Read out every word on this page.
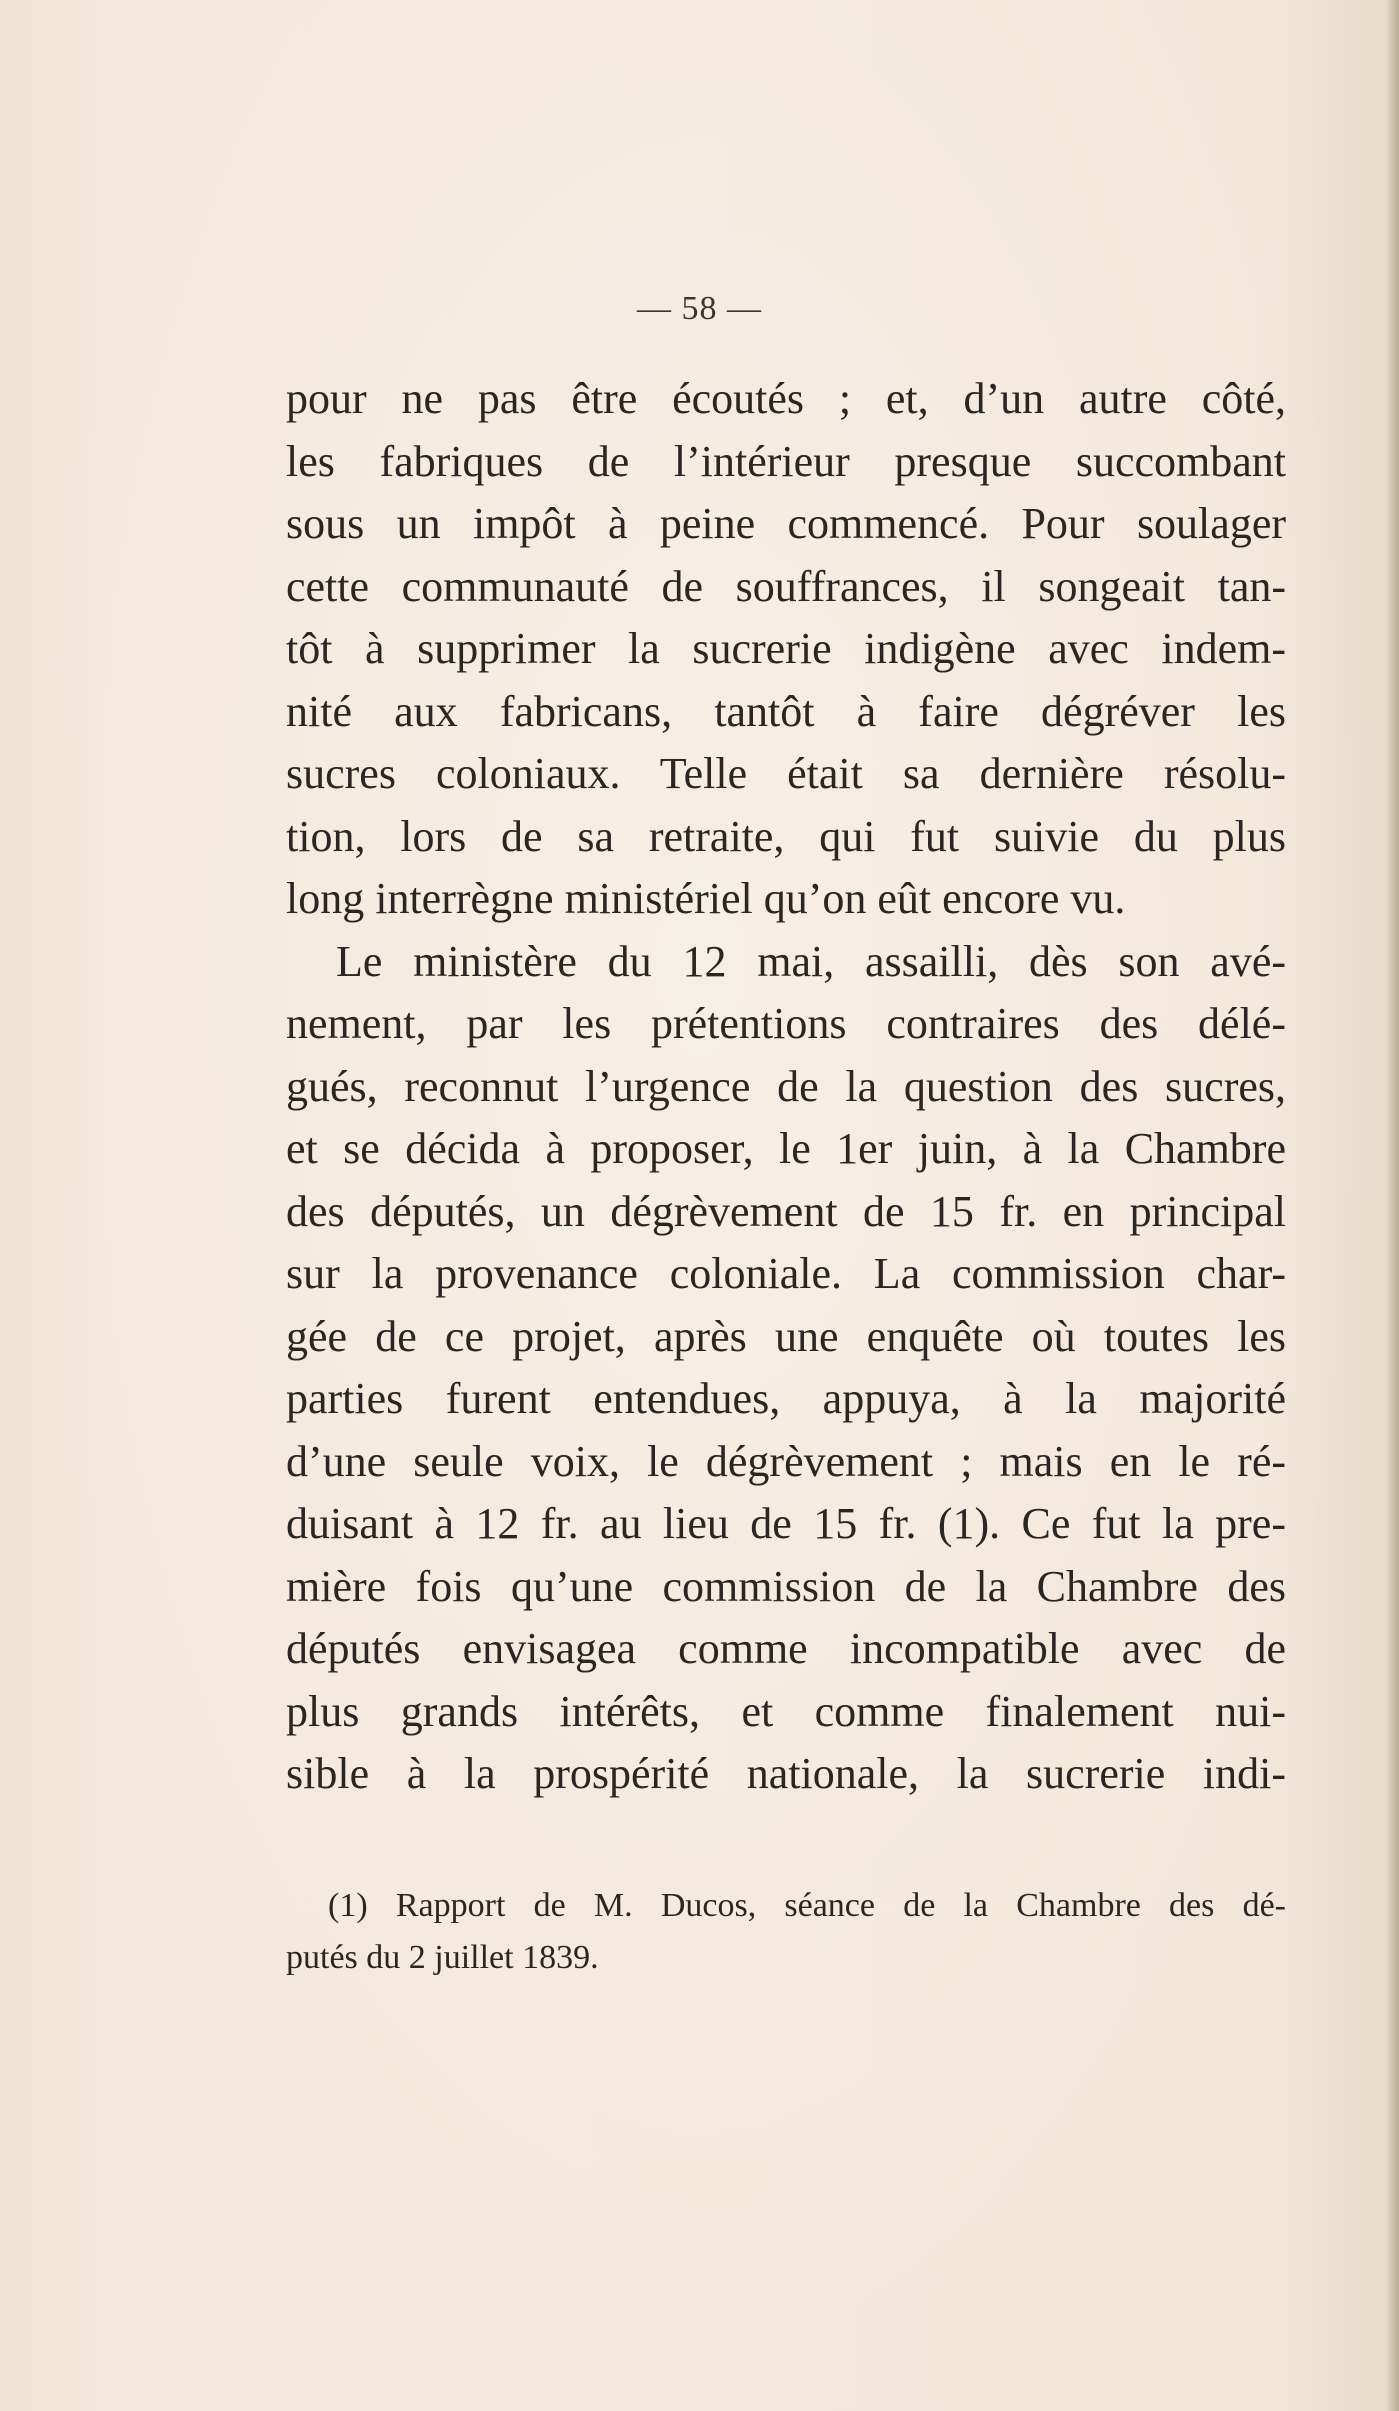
— 58 —
pour ne pas être écoutés ; et, d’un autre côté,
les fabriques de l’intérieur presque succombant
sous un impôt à peine commencé. Pour soulager
cette communauté de souffrances, il songeait tan-
tôt à supprimer la sucrerie indigène avec indem-
nité aux fabricans, tantôt à faire dégréver les
sucres coloniaux. Telle était sa dernière résolu-
tion, lors de sa retraite, qui fut suivie du plus
long interrègne ministériel qu’on eût encore vu.
Le ministère du 12 mai, assailli, dès son avé-
nement, par les prétentions contraires des délé-
gués, reconnut l’urgence de la question des sucres,
et se décida à proposer, le 1er juin, à la Chambre
des députés, un dégrèvement de 15 fr. en principal
sur la provenance coloniale. La commission char-
gée de ce projet, après une enquête où toutes les
parties furent entendues, appuya, à la majorité
d’une seule voix, le dégrèvement ; mais en le ré-
duisant à 12 fr. au lieu de 15 fr. (1). Ce fut la pre-
mière fois qu’une commission de la Chambre des
députés envisagea comme incompatible avec de
plus grands intérêts, et comme finalement nui-
sible à la prospérité nationale, la sucrerie indi-
(1) Rapport de M. Ducos, séance de la Chambre des dé-
putés du 2 juillet 1839.
